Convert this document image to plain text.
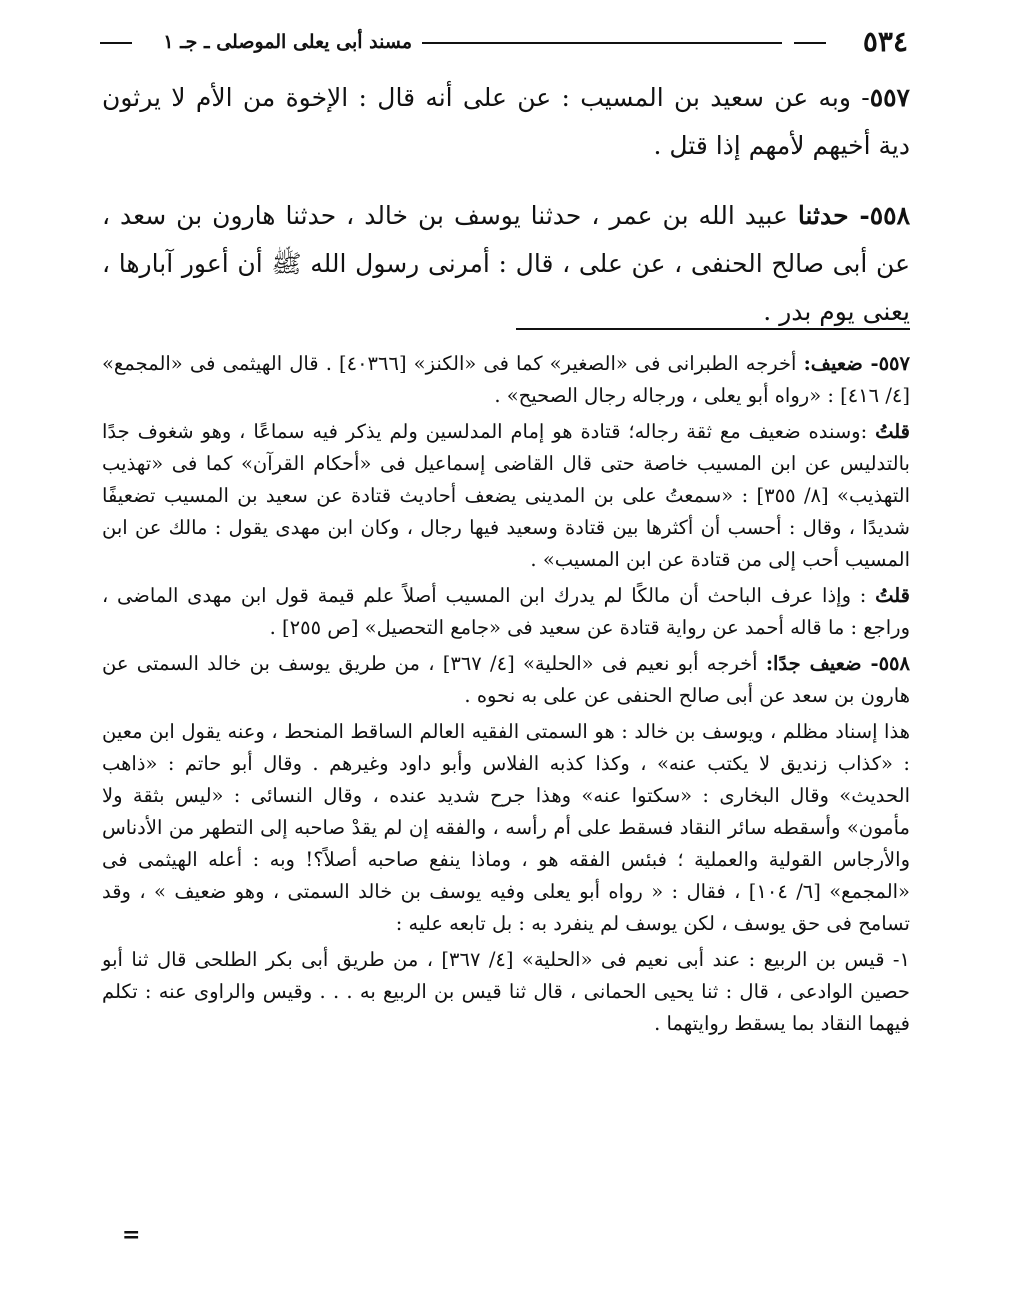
٥٣٤
مسند أبى يعلى الموصلى ـ جـ ١

٥٥٧- وبه عن سعيد بن المسيب : عن على أنه قال : الإخوة من الأم لا يرثون دية أخيهم لأمهم إذا قتل .

٥٥٨- حدثنا عبيد الله بن عمر ، حدثنا يوسف بن خالد ، حدثنا هارون بن سعد ، عن أبى صالح الحنفى ، عن على ، قال : أمرنى رسول الله ﷺ أن أعور آبارها ، يعنى يوم بدر .

٥٥٧- ضعيف: أخرجه الطبرانى فى «الصغير» كما فى «الكنز» [٤٠٣٦٦] . قال الهيثمى فى «المجمع» [٤/ ٤١٦] : «رواه أبو يعلى ، ورجاله رجال الصحيح» .

قلتُ :وسنده ضعيف مع ثقة رجاله؛ قتادة هو إمام المدلسين ولم يذكر فيه سماعًا ، وهو شغوف جدًا بالتدليس عن ابن المسيب خاصة حتى قال القاضى إسماعيل فى «أحكام القرآن» كما فى «تهذيب التهذيب» [٨/ ٣٥٥] : «سمعتُ على بن المدينى يضعف أحاديث قتادة عن سعيد بن المسيب تضعيفًا شديدًا ، وقال : أحسب أن أكثرها بين قتادة وسعيد فيها رجال ، وكان ابن مهدى يقول : مالك عن ابن المسيب أحب إلى من قتادة عن ابن المسيب» .

قلتُ : وإذا عرف الباحث أن مالكًا لم يدرك ابن المسيب أصلاً علم قيمة قول ابن مهدى الماضى ، وراجع : ما قاله أحمد عن رواية قتادة عن سعيد فى «جامع التحصيل» [ص ٢٥٥] .

٥٥٨- ضعيف جدًا: أخرجه أبو نعيم فى «الحلية» [٤/ ٣٦٧] ، من طريق يوسف بن خالد السمتى عن هارون بن سعد عن أبى صالح الحنفى عن على به نحوه .

هذا إسناد مظلم ، ويوسف بن خالد : هو السمتى الفقيه العالم الساقط المنحط ، وعنه يقول ابن معين : «كذاب زنديق لا يكتب عنه» ، وكذا كذبه الفلاس وأبو داود وغيرهم . وقال أبو حاتم : «ذاهب الحديث» وقال البخارى : «سكتوا عنه» وهذا جرح شديد عنده ، وقال النسائى : «ليس بثقة ولا مأمون» وأسقطه سائر النقاد فسقط على أم رأسه ، والفقه إن لم يقدْ صاحبه إلى التطهر من الأدناس والأرجاس القولية والعملية ؛ فبئس الفقه هو ، وماذا ينفع صاحبه أصلاً؟! وبه : أعله الهيثمى فى «المجمع» [٦/ ١٠٤] ، فقال : « رواه أبو يعلى وفيه يوسف بن خالد السمتى ، وهو ضعيف » ، وقد تسامح فى حق يوسف ، لكن يوسف لم ينفرد به : بل تابعه عليه :

١- قيس بن الربيع : عند أبى نعيم فى «الحلية» [٤/ ٣٦٧] ، من طريق أبى بكر الطلحى قال ثنا أبو حصين الوادعى ، قال : ثنا يحيى الحمانى ، قال ثنا قيس بن الربيع به . . . وقيس والراوى عنه : تكلم فيهما النقاد بما يسقط روايتهما .

=
